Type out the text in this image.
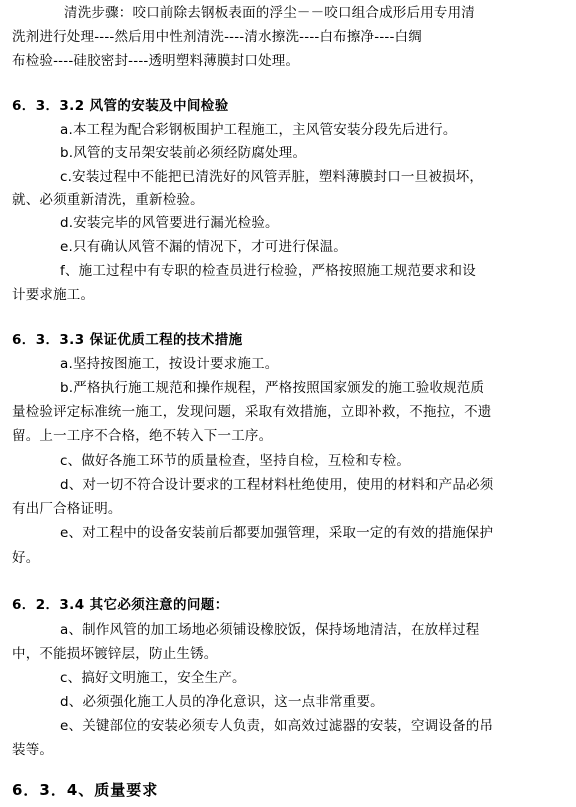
清洗步骤：咬口前除去钢板表面的浮尘－－咬口组合成形后用专用清
洗剂进行处理----然后用中性剂清洗----清水擦洗----白布擦净----白绸
布检验----硅胶密封----透明塑料薄膜封口处理。
6．3．3.2 风管的安装及中间检验
a.本工程为配合彩钢板围护工程施工，主风管安装分段先后进行。
b.风管的支吊架安装前必须经防腐处理。
c.安装过程中不能把已清洗好的风管弄脏，塑料薄膜封口一旦被损坏，
就、必须重新清洗，重新检验。
d.安装完毕的风管要进行漏光检验。
e.只有确认风管不漏的情况下，才可进行保温。
f、施工过程中有专职的检查员进行检验，严格按照施工规范要求和设
计要求施工。
6．3．3.3 保证优质工程的技术措施
a.坚持按图施工，按设计要求施工。
b.严格执行施工规范和操作规程，严格按照国家颁发的施工验收规范质
量检验评定标准统一施工，发现问题，采取有效措施，立即补救，不拖拉，不遗
留。上一工序不合格，绝不转入下一工序。
c、做好各施工环节的质量检查，坚持自检，互检和专检。
d、对一切不符合设计要求的工程材料杜绝使用，使用的材料和产品必须
有出厂合格证明。
e、对工程中的设备安装前后都要加强管理，采取一定的有效的措施保护
好。
6．2．3.4 其它必须注意的问题：
a、制作风管的加工场地必须铺设橡胶饭，保持场地清洁，在放样过程
中，不能损坏镀锌层，防止生锈。
c、搞好文明施工，安全生产。
d、必须强化施工人员的净化意识，这一点非常重要。
e、关键部位的安装必须专人负责，如高效过滤器的安装，空调设备的吊
装等。
6．3．4、质量要求
